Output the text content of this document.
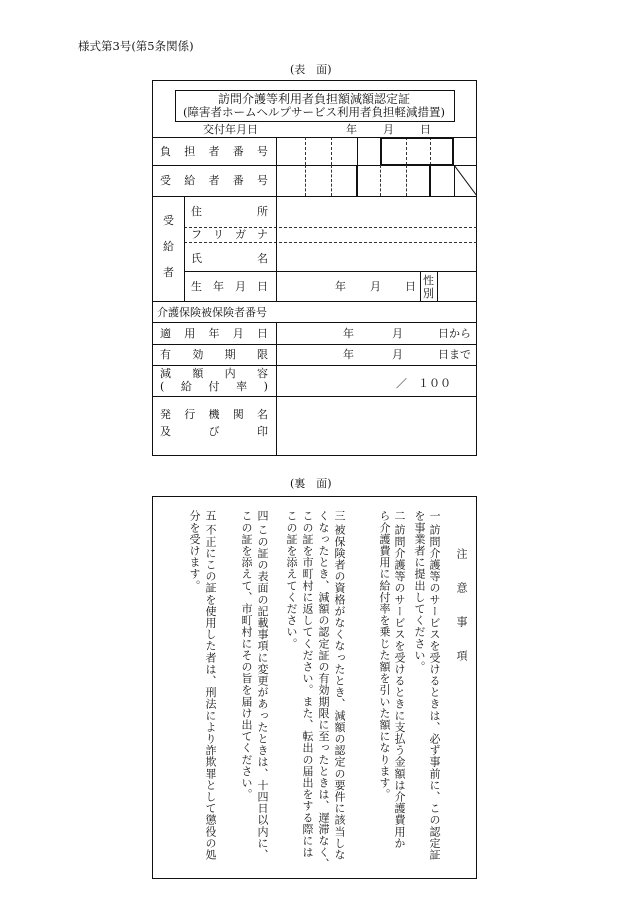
様式第3号(第5条関係)
(表　面)
訪問介護等利用者負担額減額認定証
(障害者ホームヘルプサービス利用者負担軽減措置)
交付年月日	年 月 日
負 担 者 番 号
受 給 者 番 号
受
給
者
住	所
フ リ ガ ナ
氏	名
生 年 月 日	年 月 日 性
別
介護保険被保険者番号
適 用 年 月 日	年	月	日から
有 効 期 限	年	月	日まで
減 額 内 容
( 給 付 率 )	／　１００
発 行 機 関 名
及	び	印
(裏　面)
注　意　事　項
一
訪問介護等のサービスを受けるときは、必ず事前に、この認定証
を事業者に提出してください。
二
訪問介護等のサービスを受けるときに支払う金額は介護費用か
ら介護費用に給付率を乗じた額を引いた額になります。
三
被保険者の資格がなくなったとき、減額の認定の要件に該当しな
くなったとき、減額の認定証の有効期限に至ったときは、遅滞なく、
この証を市町村に返してください。また、転出の届出をする際には
この証を添えてください。
四
この証の表面の記載事項に変更があったときは、十四日以内に、
この証を添えて、市町村にその旨を届け出てください。
五
不正にこの証を使用した者は、刑法により詐欺罪として懲役の処
分を受けます。
